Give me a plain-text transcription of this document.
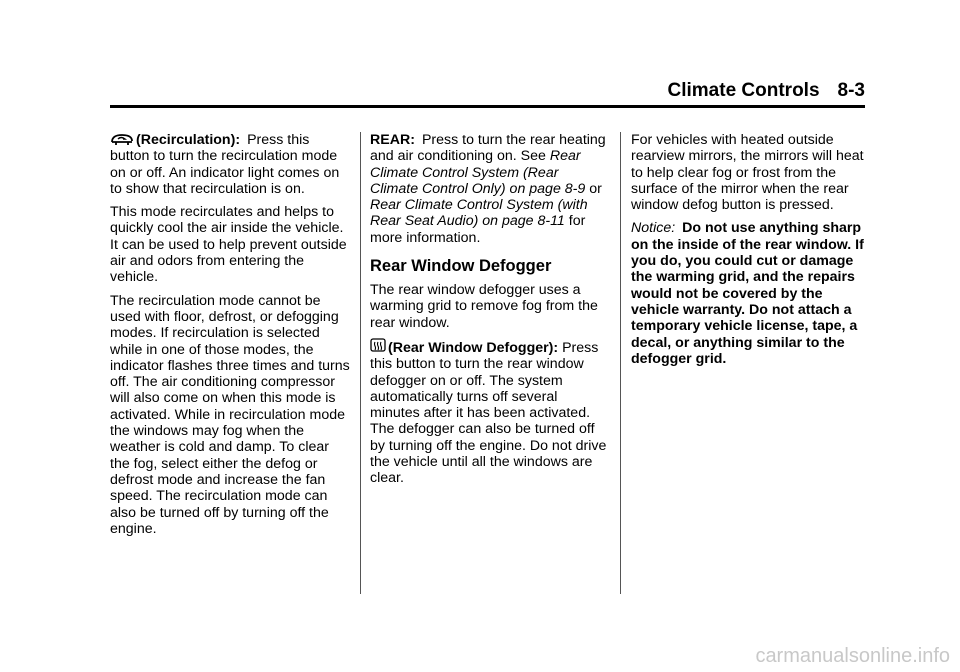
Climate Controls 8-3

(Recirculation): Press this button to turn the recirculation mode on or off. An indicator light comes on to show that recirculation is on.

This mode recirculates and helps to quickly cool the air inside the vehicle. It can be used to help prevent outside air and odors from entering the vehicle.

The recirculation mode cannot be used with floor, defrost, or defogging modes. If recirculation is selected while in one of those modes, the indicator flashes three times and turns off. The air conditioning compressor will also come on when this mode is activated. While in recirculation mode the windows may fog when the weather is cold and damp. To clear the fog, select either the defog or defrost mode and increase the fan speed. The recirculation mode can also be turned off by turning off the engine.

REAR: Press to turn the rear heating and air conditioning on. See Rear Climate Control System (Rear Climate Control Only) on page 8-9 or Rear Climate Control System (with Rear Seat Audio) on page 8-11 for more information.

Rear Window Defogger

The rear window defogger uses a warming grid to remove fog from the rear window.

(Rear Window Defogger): Press this button to turn the rear window defogger on or off. The system automatically turns off several minutes after it has been activated. The defogger can also be turned off by turning off the engine. Do not drive the vehicle until all the windows are clear.

For vehicles with heated outside rearview mirrors, the mirrors will heat to help clear fog or frost from the surface of the mirror when the rear window defog button is pressed.

Notice: Do not use anything sharp on the inside of the rear window. If you do, you could cut or damage the warming grid, and the repairs would not be covered by the vehicle warranty. Do not attach a temporary vehicle license, tape, a decal, or anything similar to the defogger grid.

carmanualsonline.info
